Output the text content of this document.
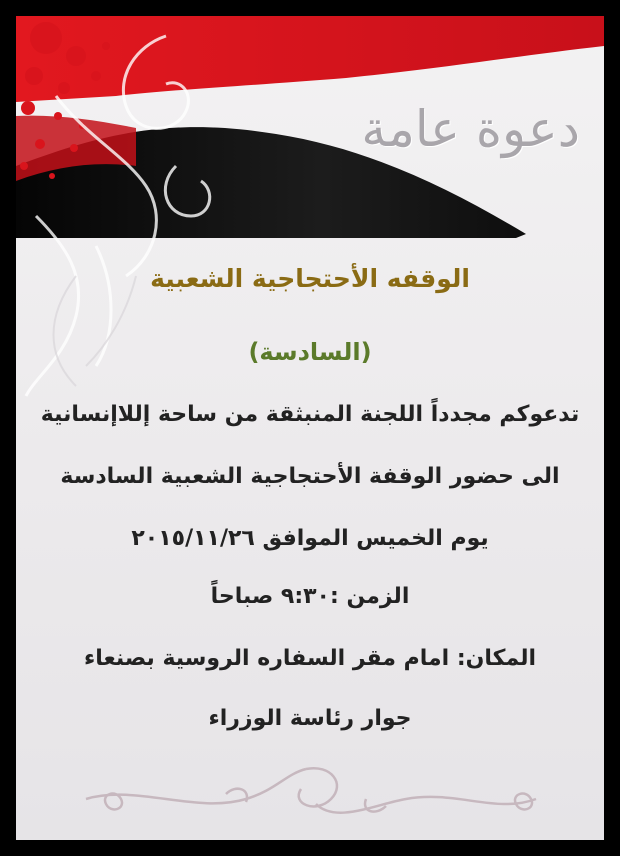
دعوة عامة
الوقفه الأحتجاجية الشعبية
(السادسة)
تدعوكم مجدداً اللجنة المنبثقة من ساحة إللاإنسانية
الى حضور الوقفة الأحتجاجية الشعبية السادسة
يوم الخميس الموافق ٢٠١٥/١١/٢٦
الزمن :٩:٣٠ صباحاً
المكان: امام مقر السفاره الروسية بصنعاء
جوار رئاسة الوزراء
